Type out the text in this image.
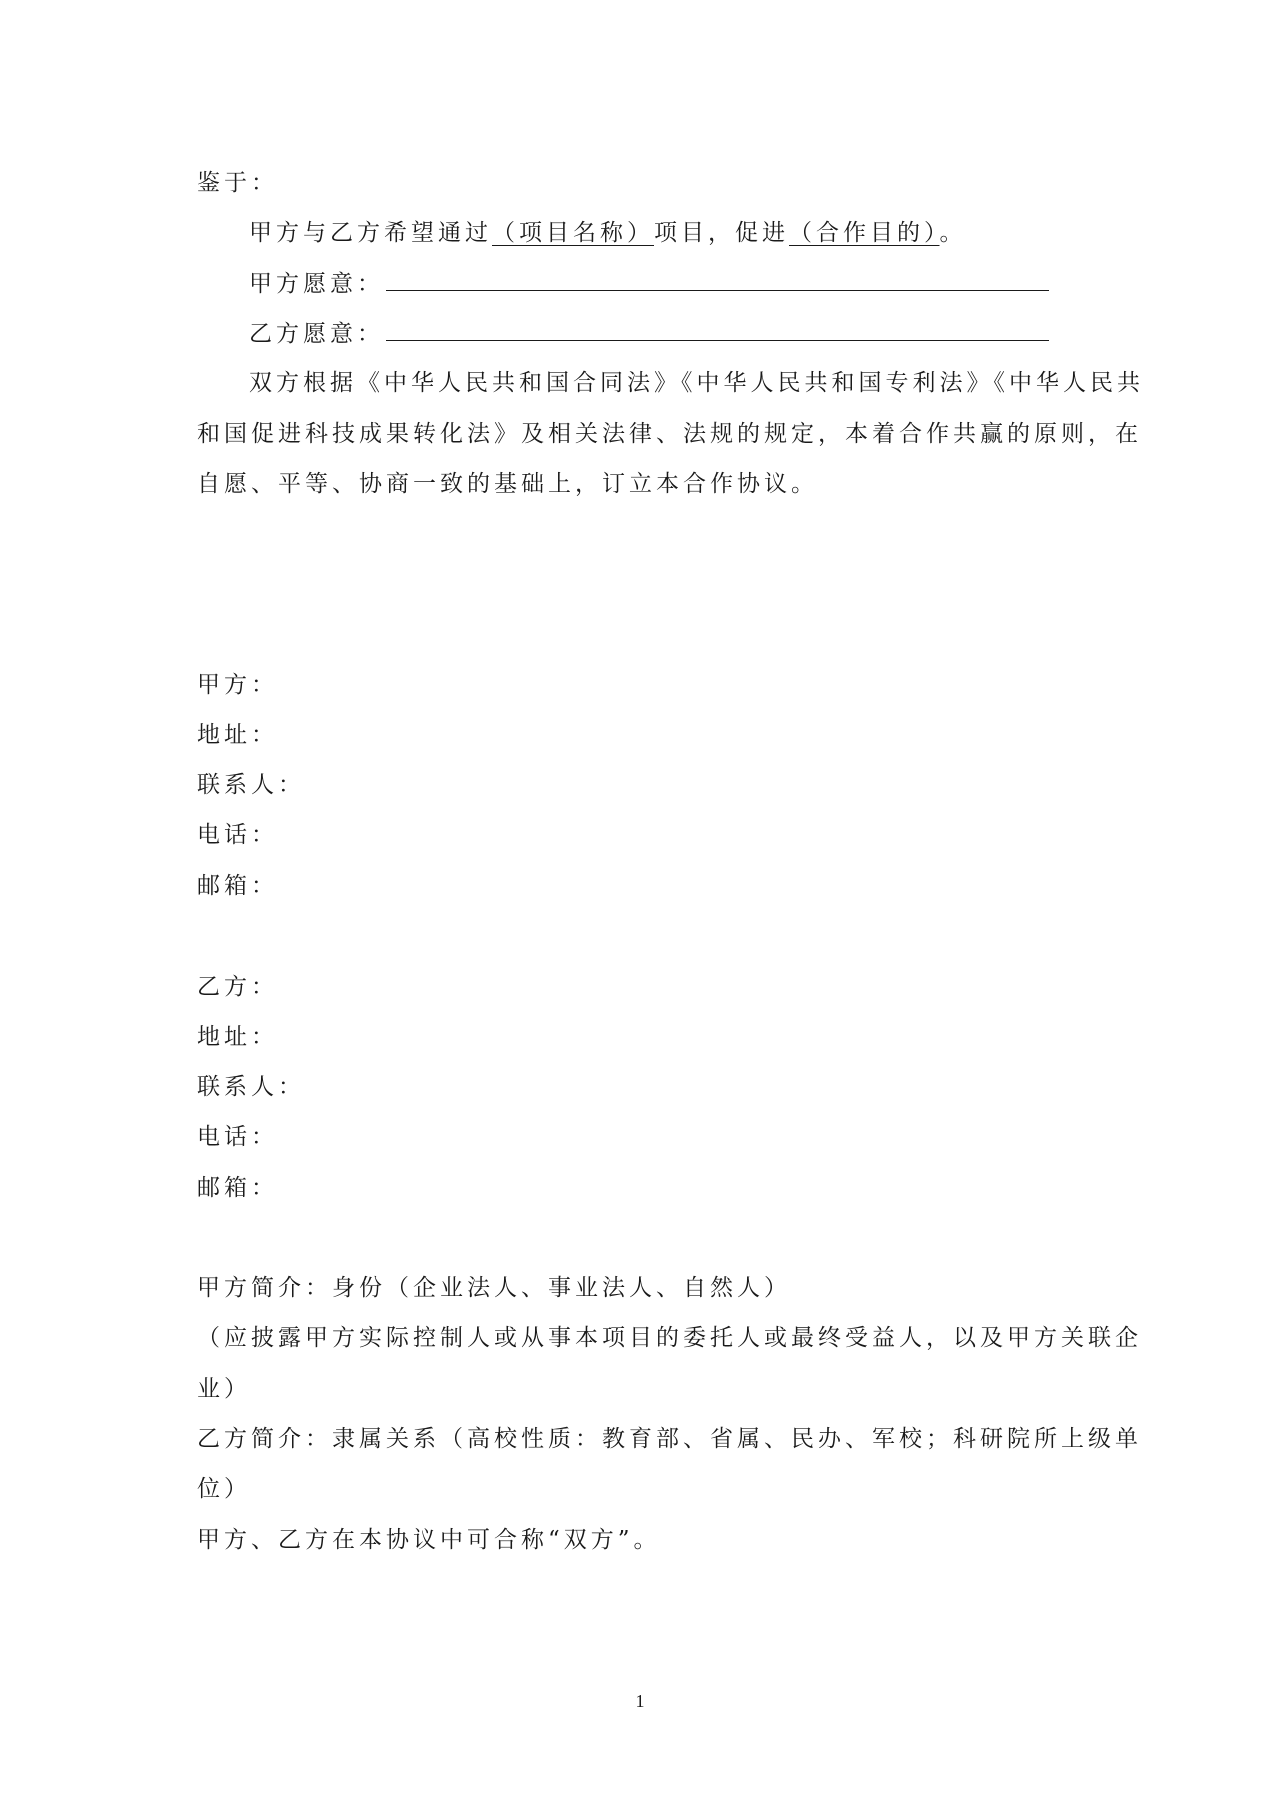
鉴于：
甲方与乙方希望通过（项目名称）项目，促进（合作目的）。
甲方愿意：
乙方愿意：
双方根据《中华人民共和国合同法》《中华人民共和国专利法》《中华人民共
和国促进科技成果转化法》及相关法律、法规的规定，本着合作共赢的原则，在
自愿、平等、协商一致的基础上，订立本合作协议。
甲方：
地址：
联系人：
电话：
邮箱：
乙方：
地址：
联系人：
电话：
邮箱：
甲方简介：身份（企业法人、事业法人、自然人）
（应披露甲方实际控制人或从事本项目的委托人或最终受益人，以及甲方关联企
业）
乙方简介：隶属关系（高校性质：教育部、省属、民办、军校；科研院所上级单
位）
甲方、乙方在本协议中可合称“双方”。
1
